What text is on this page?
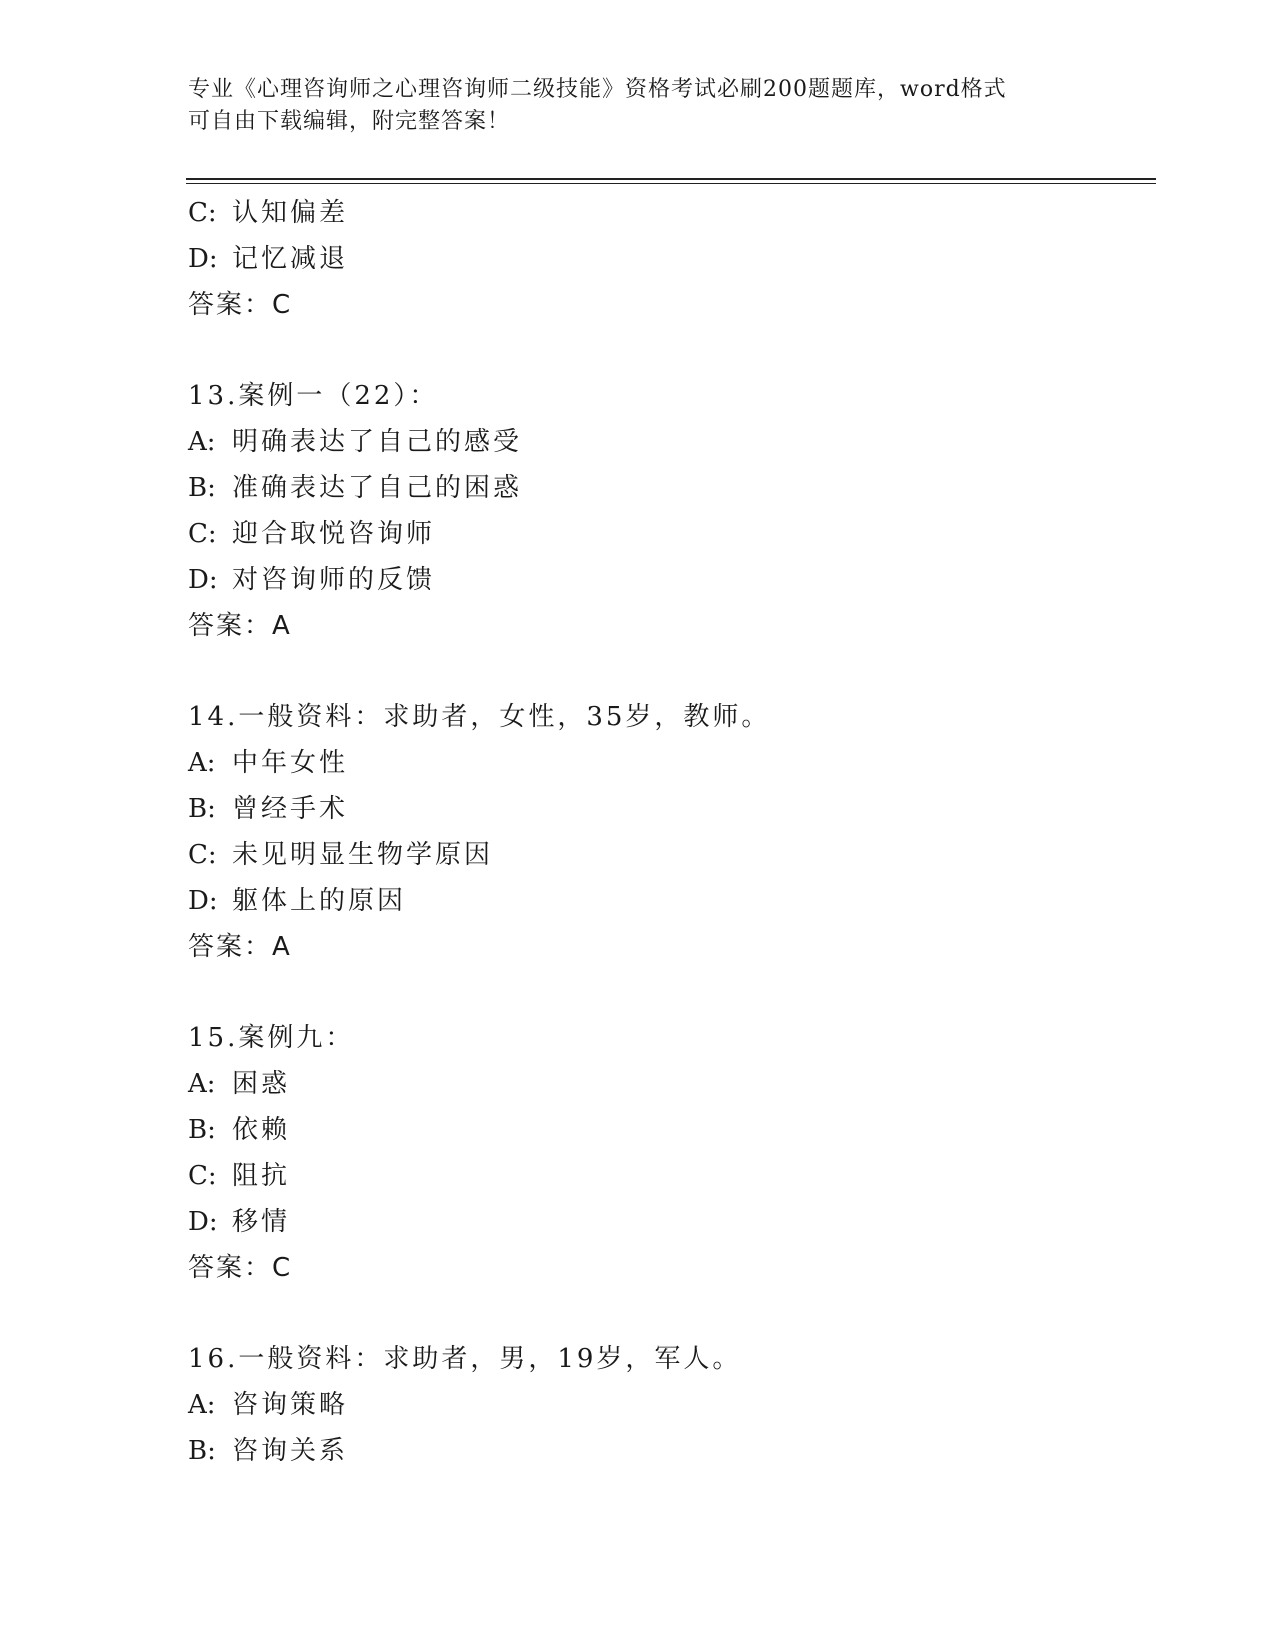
专业《心理咨询师之心理咨询师二级技能》资格考试必刷200题题库，word格式
可自由下载编辑，附完整答案！
C: 认知偏差
D: 记忆减退
答案：C
13.案例一（22）：
A: 明确表达了自己的感受
B: 准确表达了自己的困惑
C: 迎合取悦咨询师
D: 对咨询师的反馈
答案：A
14.一般资料：求助者，女性，35岁，教师。
A: 中年女性
B: 曾经手术
C: 未见明显生物学原因
D: 躯体上的原因
答案：A
15.案例九：
A: 困惑
B: 依赖
C: 阻抗
D: 移情
答案：C
16.一般资料：求助者，男，19岁，军人。
A: 咨询策略
B: 咨询关系
